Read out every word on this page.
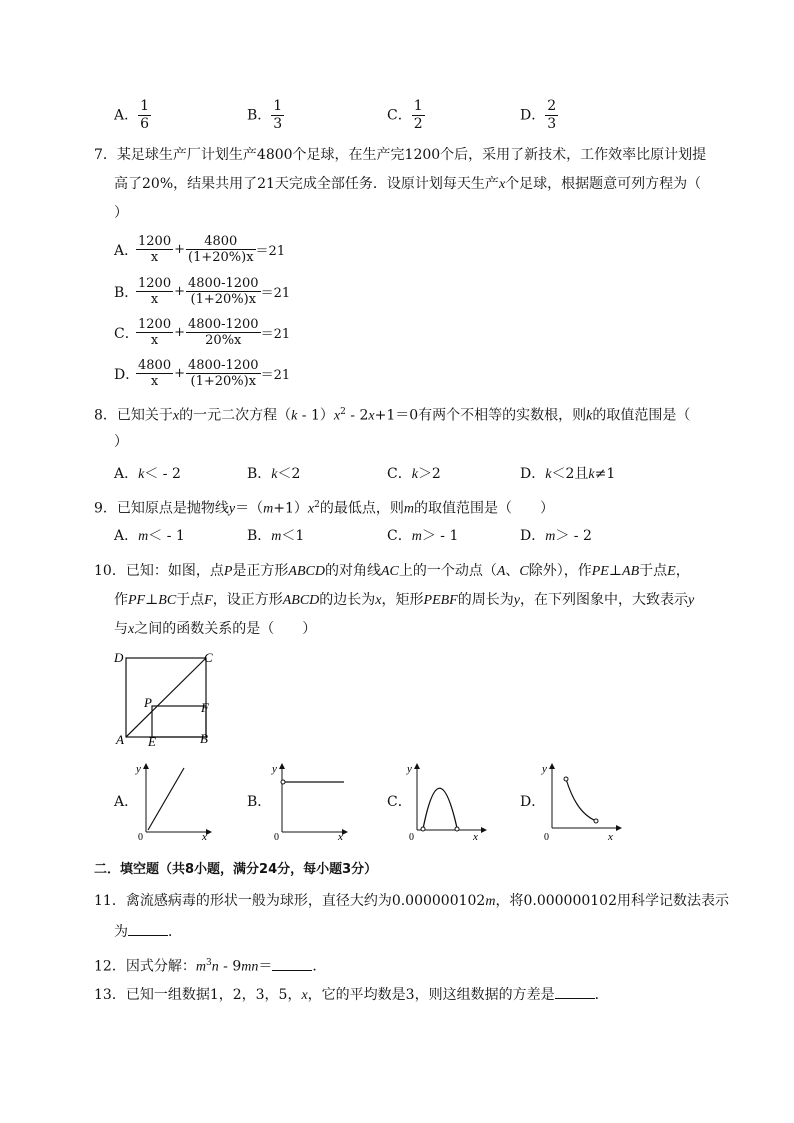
A． $\frac{1}{6}$	B． $\frac{1}{3}$	C． $\frac{1}{2}$	D． $\frac{2}{3}$
7．某足球生产厂计划生产4800个足球，在生产完1200个后，采用了新技术，工作效率比原计划提
高了20%，结果共用了21天完成全部任务．设原计划每天生产x个足球，根据题意可列方程为（
）
A．
$\frac{1200}{x} + \frac{4800}{(1+20\%)x} =21$
B．
$\frac{1200}{x} + \frac{4800-1200}{(1+20\%)x} =21$
C．
$\frac{1200}{x} + \frac{4800-1200}{20\%x} =21$
D．
$\frac{4800}{x} + \frac{4800-1200}{(1+20\%)x} =21$
8．已知关于x的一元二次方程$(k - 1)x^2 - 2x+1=0$有两个不相等的实数根，则k的取值范围是（
）
A．k＜ - 2	B．k＜2	C．k＞2	D．k＜2且k≠1
9．已知原点是抛物线$y=(m+1)x^2$的最低点，则m的取值范围是（　　）
A．m＜ - 1	B．m＜1	C．m＞ - 1	D．m＞ - 2
10．已知：如图，点P是正方形ABCD的对角线AC上的一个动点（A、C除外），作PE⊥AB于点E，
作PF⊥BC于点F，设正方形ABCD的边长为x，矩形PEBF的周长为y，在下列图象中，大致表示y
与x之间的函数关系的是（　　）
D	C
P	F
A E	B
A．
y
x
0
B．
y
x
0
C．
y
x
0
D．
y
x
0
二．填空题（共8小题，满分24分，每小题3分）
11．禽流感病毒的形状一般为球形，直径大约为0.000000102m，将0.000000102用科学记数法表示
为	．
12．因式分解：$m^3n - 9mn=$	．
13．已知一组数据1，2，3，5，x，它的平均数是3，则这组数据的方差是	．
